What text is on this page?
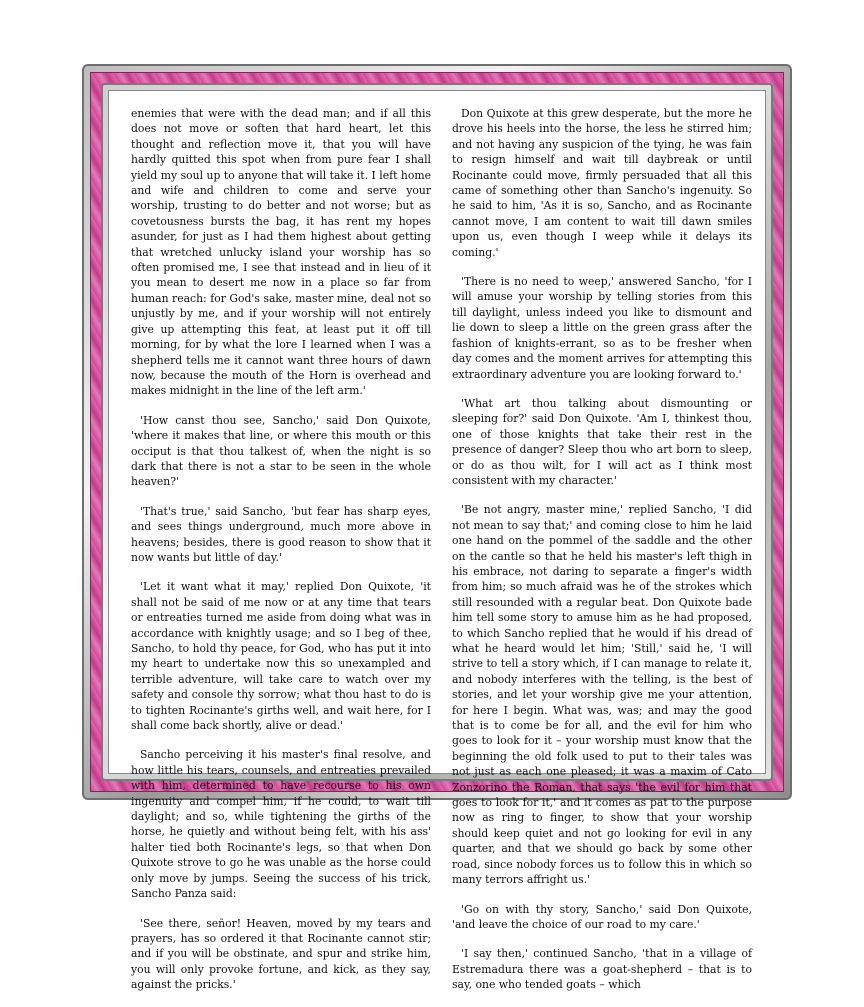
enemies that were with the dead man; and if all this does not move or soften that hard heart, let this thought and reflection move it, that you will have hardly quitted this spot when from pure fear I shall yield my soul up to anyone that will take it. I left home and wife and children to come and serve your worship, trusting to do better and not worse; but as covetousness bursts the bag, it has rent my hopes asunder, for just as I had them highest about getting that wretched unlucky island your worship has so often promised me, I see that instead and in lieu of it you mean to desert me now in a place so far from human reach: for God's sake, master mine, deal not so unjustly by me, and if your worship will not entirely give up attempting this feat, at least put it off till morning, for by what the lore I learned when I was a shepherd tells me it cannot want three hours of dawn now, because the mouth of the Horn is overhead and makes midnight in the line of the left arm.'

'How canst thou see, Sancho,' said Don Quixote, 'where it makes that line, or where this mouth or this occiput is that thou talkest of, when the night is so dark that there is not a star to be seen in the whole heaven?'

'That's true,' said Sancho, 'but fear has sharp eyes, and sees things underground, much more above in heavens; besides, there is good reason to show that it now wants but little of day.'

'Let it want what it may,' replied Don Quixote, 'it shall not be said of me now or at any time that tears or entreaties turned me aside from doing what was in accordance with knightly usage; and so I beg of thee, Sancho, to hold thy peace, for God, who has put it into my heart to undertake now this so unexampled and terrible adventure, will take care to watch over my safety and console thy sorrow; what thou hast to do is to tighten Rocinante's girths well, and wait here, for I shall come back shortly, alive or dead.'

Sancho perceiving it his master's final resolve, and how little his tears, counsels, and entreaties prevailed with him, determined to have recourse to his own ingenuity and compel him, if he could, to wait till daylight; and so, while tightening the girths of the horse, he quietly and without being felt, with his ass' halter tied both Rocinante's legs, so that when Don Quixote strove to go he was unable as the horse could only move by jumps. Seeing the success of his trick, Sancho Panza said:

'See there, señor! Heaven, moved by my tears and prayers, has so ordered it that Rocinante cannot stir; and if you will be obstinate, and spur and strike him, you will only provoke fortune, and kick, as they say, against the pricks.'

Don Quixote at this grew desperate, but the more he drove his heels into the horse, the less he stirred him; and not having any suspicion of the tying, he was fain to resign himself and wait till daybreak or until Rocinante could move, firmly persuaded that all this came of something other than Sancho's ingenuity. So he said to him, 'As it is so, Sancho, and as Rocinante cannot move, I am content to wait till dawn smiles upon us, even though I weep while it delays its coming.'

'There is no need to weep,' answered Sancho, 'for I will amuse your worship by telling stories from this till daylight, unless indeed you like to dismount and lie down to sleep a little on the green grass after the fashion of knights-errant, so as to be fresher when day comes and the moment arrives for attempting this extraordinary adventure you are looking forward to.'

'What art thou talking about dismounting or sleeping for?' said Don Quixote. 'Am I, thinkest thou, one of those knights that take their rest in the presence of danger? Sleep thou who art born to sleep, or do as thou wilt, for I will act as I think most consistent with my character.'

'Be not angry, master mine,' replied Sancho, 'I did not mean to say that;' and coming close to him he laid one hand on the pommel of the saddle and the other on the cantle so that he held his master's left thigh in his embrace, not daring to separate a finger's width from him; so much afraid was he of the strokes which still resounded with a regular beat. Don Quixote bade him tell some story to amuse him as he had proposed, to which Sancho replied that he would if his dread of what he heard would let him; 'Still,' said he, 'I will strive to tell a story which, if I can manage to relate it, and nobody interferes with the telling, is the best of stories, and let your worship give me your attention, for here I begin. What was, was; and may the good that is to come be for all, and the evil for him who goes to look for it – your worship must know that the beginning the old folk used to put to their tales was not just as each one pleased; it was a maxim of Cato Zonzorino the Roman, that says 'the evil for him that goes to look for it,' and it comes as pat to the purpose now as ring to finger, to show that your worship should keep quiet and not go looking for evil in any quarter, and that we should go back by some other road, since nobody forces us to follow this in which so many terrors affright us.'

'Go on with thy story, Sancho,' said Don Quixote, 'and leave the choice of our road to my care.'

'I say then,' continued Sancho, 'that in a village of Estremadura there was a goat-shepherd – that is to say, one who tended goats – which
